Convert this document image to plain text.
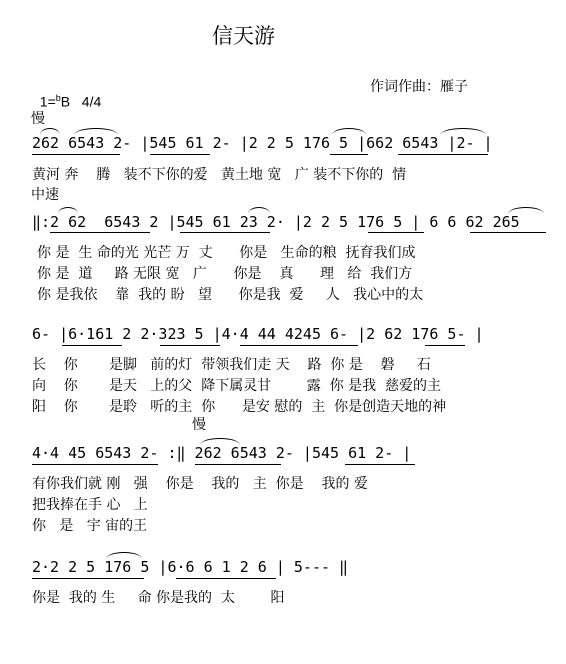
信天游

1=$^b$B 4/4

作词作曲：雁子
慢
262 6543 2- |545 61 2- |2 2 5 176 5 |662 6543 |2- |
黄河 奔    腾   装不下你的爱   黄土地 宽   广 装不下你的  情
中速
‖:2 62  6543 2 |545 61 23 2· |2 2 5 176 5 | 6 6 62 265
你 是  生 命的光 光芒 万  丈      你是   生命的粮  抚育我们成
你 是  道     路 无限 宽   广      你是    真      理   给  我们方
你 是我依    靠  我的 盼   望      你是我  爱     人   我心中的太
6- |6·161 2 2·323 5 |4·4 44 4245 6- |2 62 176 5- |
长    你       是脚   前的灯  带领我们走 天    路  你 是    磐     石
向    你       是天   上的父  降下属灵甘        露  你 是我  慈爱的主
阳    你       是聆   听的主  你      是安 慰的  主  你是创造天地的神
慢
4·4 45 6543 2- :‖ 262 6543 2- |545 61 2- |
有你我们就 刚   强    你是    我的   主  你是    我的 爱
把我捧在手 心   上
你   是   宇 宙的王
2·2 2 5 176 5 |6·6 6 1 2 6 | 5--- ‖
你是  我的 生     命 你是我的  太        阳
